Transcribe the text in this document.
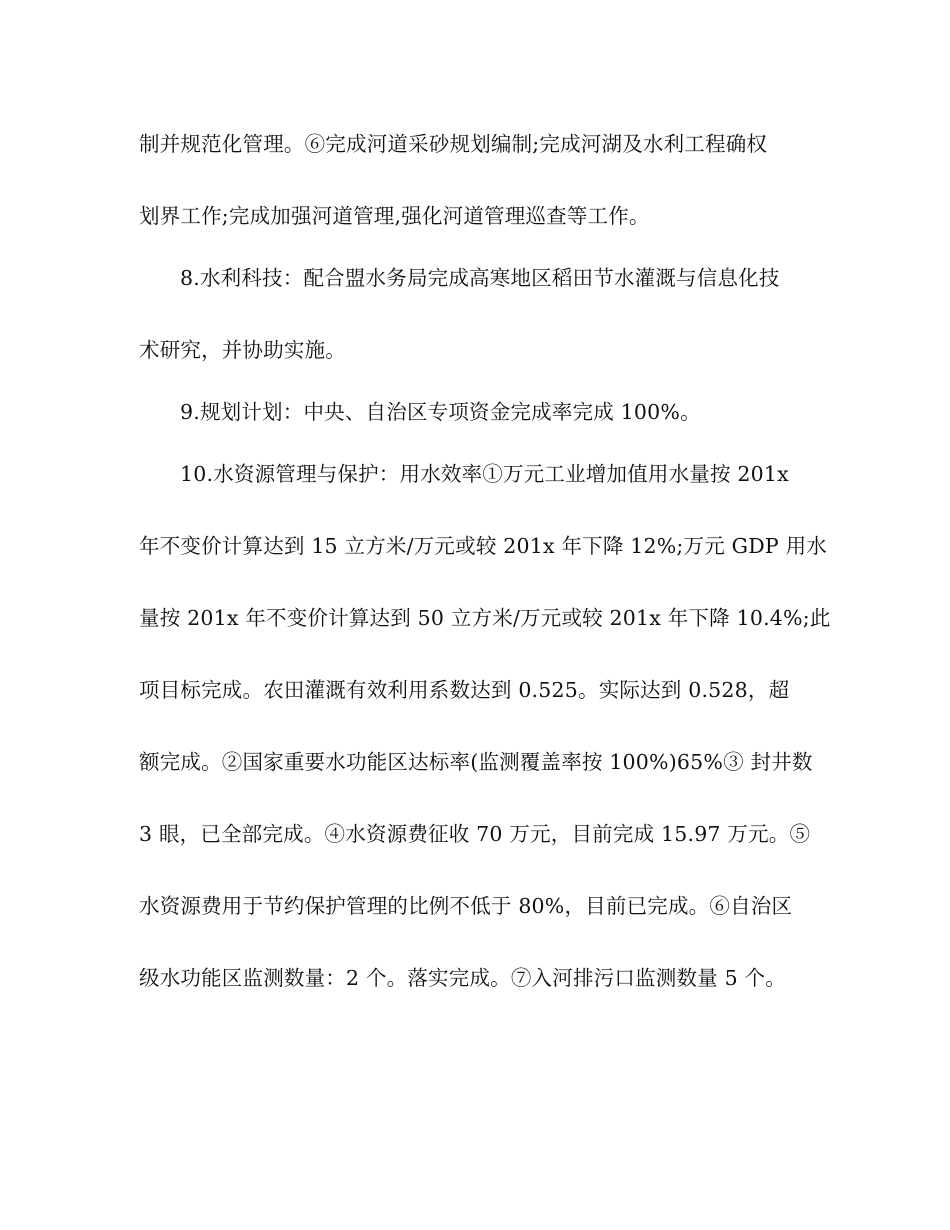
制并规范化管理。⑥完成河道采砂规划编制;完成河湖及水利工程确权
划界工作;完成加强河道管理,强化河道管理巡查等工作。
8.水利科技：配合盟水务局完成高寒地区稻田节水灌溉与信息化技
术研究，并协助实施。
9.规划计划：中央、自治区专项资金完成率完成 100%。
10.水资源管理与保护：用水效率①万元工业增加值用水量按 201x
年不变价计算达到 15 立方米/万元或较 201x 年下降 12%;万元 GDP 用水
量按 201x 年不变价计算达到 50 立方米/万元或较 201x 年下降 10.4%;此
项目标完成。农田灌溉有效利用系数达到 0.525。实际达到 0.528，超
额完成。②国家重要水功能区达标率(监测覆盖率按 100%)65%③ 封井数
3 眼，已全部完成。④水资源费征收 70 万元，目前完成 15.97 万元。⑤
水资源费用于节约保护管理的比例不低于 80%，目前已完成。⑥自治区
级水功能区监测数量：2 个。落实完成。⑦入河排污口监测数量 5 个。
